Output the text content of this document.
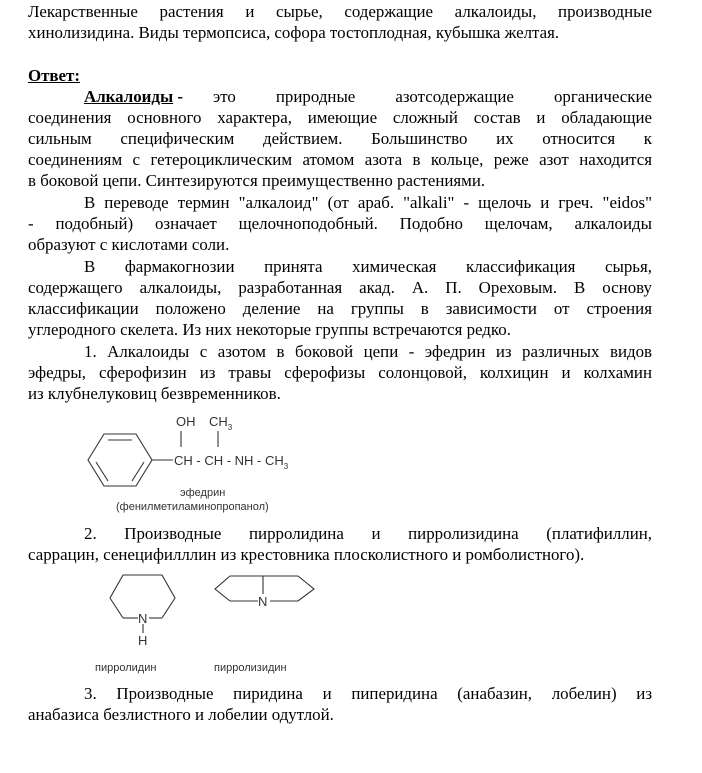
Лекарственные растения и сырье, содержащие алкалоиды, производные
хинолизидина. Виды термопсиса, софора тостоплодная, кубышка желтая.
Ответ:
Алкалоиды - это природные азотсодержащие органические
соединения основного характера, имеющие сложный состав и обладающие
сильным специфическим действием. Большинство их относится к
соединениям с гетероциклическим атомом азота в кольце, реже азот находится
в боковой цепи. Синтезируются преимущественно растениями.
В переводе термин "алкалоид" (от араб. "alkali" - щелочь и греч. "eidos"
- подобный) означает щелочноподобный. Подобно щелочам, алкалоиды
образуют с кислотами соли.
В фармакогнозии принята химическая классификация сырья,
содержащего алкалоиды, разработанная акад. А. П. Ореховым. В основу
классификации положено деление на группы в зависимости от строения
углеродного скелета. Из них некоторые группы встречаются редко.
1. Алкалоиды с азотом в боковой цепи - эфедрин из различных видов
эфедры, сферофизин из травы сферофизы солонцовой, колхицин и колхамин
из клубнелуковиц безвременников.
2. Производные пирролидина и пирролизидина (платифиллин,
саррацин, сенецифилллин из крестовника плосколистного и ромболистного).
3. Производные пиридина и пиперидина (анабазин, лобелин) из
анабазиса безлистного и лобелии одутлой.
OH $CH_3$
CH - CH - NH - $CH_3$
эфедрин
(фенилметиламинопропанол)
N
H
пирролидин
N
пирролизидин
